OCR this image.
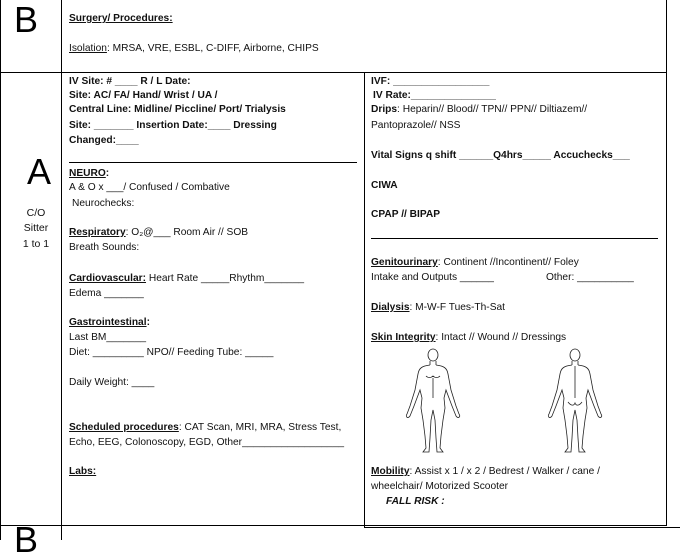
B	Surgery/ Procedures:
Isolation: MRSA, VRE, ESBL, C-DIFF, Airborne, CHIPS
A
C/O
Sitter
1 to 1
B
IV Site: # ____ R / L Date:
Site: AC/ FA/ Hand/ Wrist / UA /
Central Line: Midline/ Piccline/ Port/ Trialysis
Site: _______ Insertion Date:____ Dressing
Changed:____
NEURO:
A & O x ___/ Confused / Combative
Neurochecks:
Respiratory: O₂@___ Room Air // SOB
Breath Sounds:
Cardiovascular: Heart Rate _____Rhythm_______
Edema _______
Gastrointestinal:
Last BM_______
Diet: _________ NPO// Feeding Tube: _____
Daily Weight: ____
Scheduled procedures: CAT Scan, MRI, MRA, Stress Test,
Echo, EEG, Colonoscopy, EGD, Other__________________
Labs:
IVF: _________________
IV Rate:_______________
Drips: Heparin// Blood// TPN// PPN// Diltiazem//
Pantoprazole// NSS
Vital Signs q shift ______Q4hrs_____ Accuchecks___
CIWA
CPAP // BIPAP
Genitourinary: Continent //Incontinent// Foley
Intake and Outputs ______	Other: __________
Dialysis: M-W-F Tues-Th-Sat
Skin Integrity: Intact // Wound // Dressings
Mobility: Assist x 1 / x 2 / Bedrest / Walker / cane /
wheelchair/ Motorized Scooter
FALL RISK :
